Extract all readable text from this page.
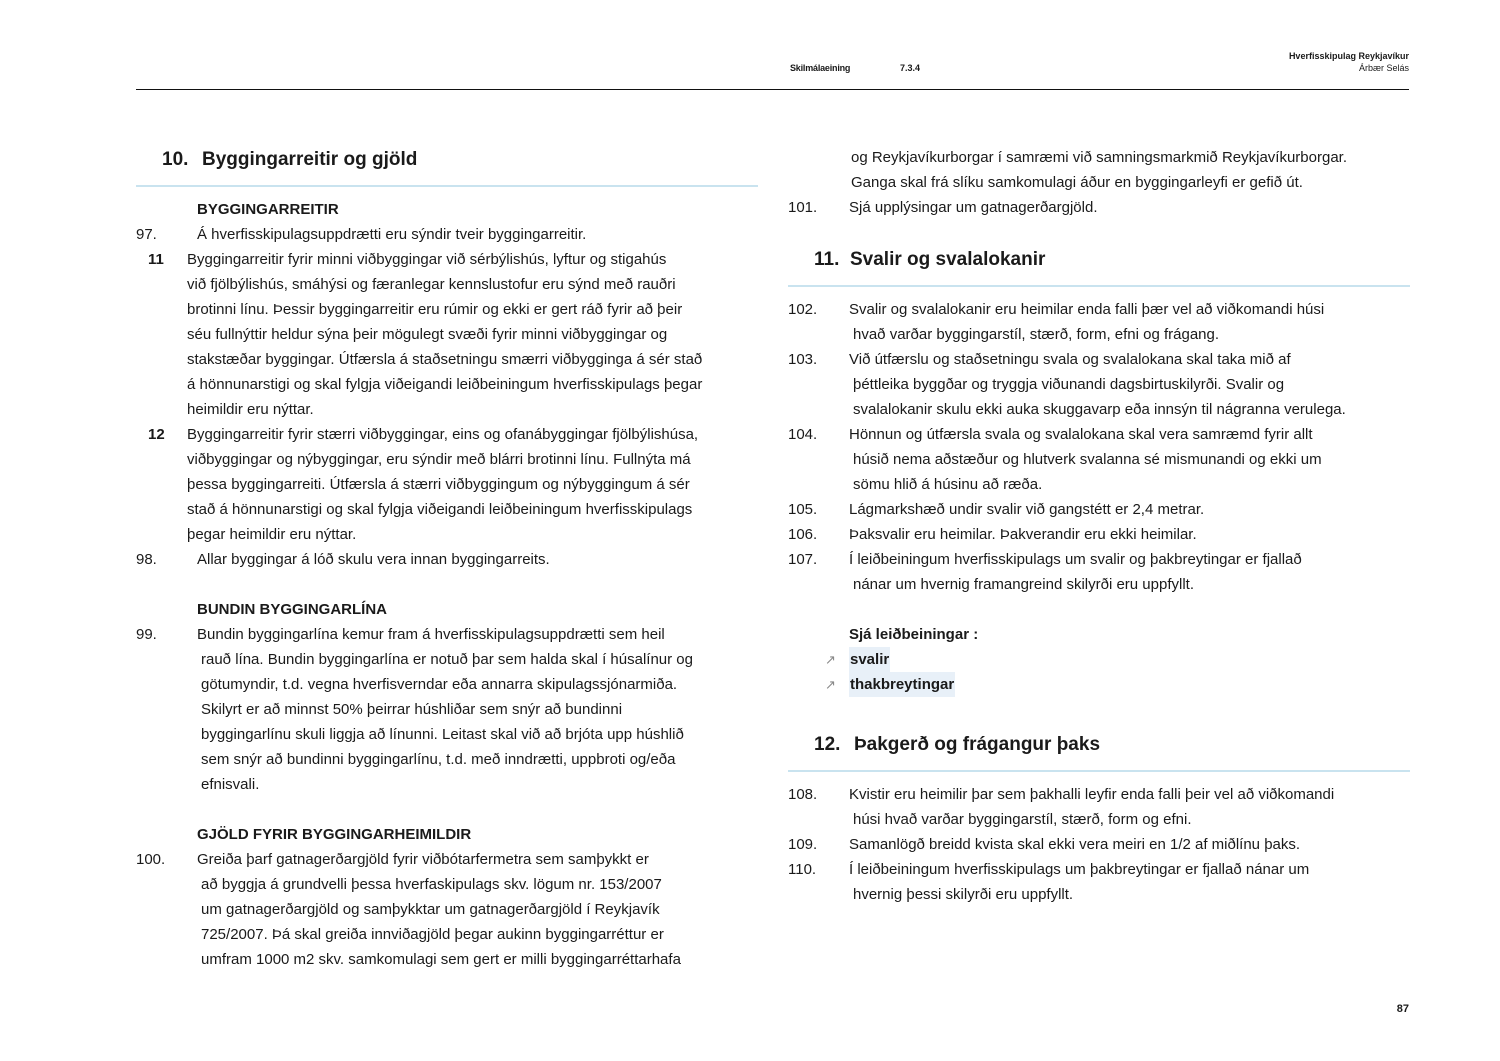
Skilmálaeining	7.3.4
Hverfisskipulag Reykjavíkur
Árbær Selás
10. Byggingarreitir og gjöld
BYGGINGARREITIR
97.	Á hverfisskipulagsuppdrætti eru sýndir tveir byggingarreitir.
11	Byggingarreitir fyrir minni viðbyggingar við sérbýlishús, lyftur og stigahús
við fjölbýlishús, smáhýsi og færanlegar kennslustofur eru sýnd með rauðri
brotinni línu. Þessir byggingarreitir eru rúmir og ekki er gert ráð fyrir að þeir
séu fullnýttir heldur sýna þeir mögulegt svæði fyrir minni viðbyggingar og
stakstæðar byggingar. Útfærsla á staðsetningu smærri viðbygginga á sér stað
á hönnunarstigi og skal fylgja viðeigandi leiðbeiningum hverfisskipulags þegar
heimildir eru nýttar.
12	Byggingarreitir fyrir stærri viðbyggingar, eins og ofanábyggingar fjölbýlishúsa,
viðbyggingar og nýbyggingar, eru sýndir með blárri brotinni línu. Fullnýta má
þessa byggingarreiti. Útfærsla á stærri viðbyggingum og nýbyggingum á sér
stað á hönnunarstigi og skal fylgja viðeigandi leiðbeiningum hverfisskipulags
þegar heimildir eru nýttar.
98.	Allar byggingar á lóð skulu vera innan byggingarreits.
BUNDIN BYGGINGARLÍNA
99.	Bundin byggingarlína kemur fram á hverfisskipulagsuppdrætti sem heil
rauð lína. Bundin byggingarlína er notuð þar sem halda skal í húsalínur og
götumyndir, t.d. vegna hverfisverndar eða annarra skipulagssjónarmiða.
Skilyrt er að minnst 50% þeirrar húshliðar sem snýr að bundinni
byggingarlínu skuli liggja að línunni. Leitast skal við að brjóta upp húshlið
sem snýr að bundinni byggingarlínu, t.d. með inndrætti, uppbroti og/eða
efnisvali.
GJÖLD FYRIR BYGGINGARHEIMILDIR
100.	Greiða þarf gatnagerðargjöld fyrir viðbótarfermetra sem samþykkt er
að byggja á grundvelli þessa hverfaskipulags skv. lögum nr. 153/2007
um gatnagerðargjöld og samþykktar um gatnagerðargjöld í Reykjavík
725/2007. Þá skal greiða innviðagjöld þegar aukinn byggingarréttur er
umfram 1000 m2 skv. samkomulagi sem gert er milli byggingarréttarhafa
og Reykjavíkurborgar í samræmi við samningsmarkmið Reykjavíkurborgar.
Ganga skal frá slíku samkomulagi áður en byggingarleyfi er gefið út.
101.	Sjá upplýsingar um gatnagerðargjöld.
11. Svalir og svalalokanir
102.	Svalir og svalalokanir eru heimilar enda falli þær vel að viðkomandi húsi
hvað varðar byggingarstíl, stærð, form, efni og frágang.
103.	Við útfærslu og staðsetningu svala og svalalokana skal taka mið af
þéttleika byggðar og tryggja viðunandi dagsbirtuskilyrði. Svalir og
svalalokanir skulu ekki auka skuggavarp eða innsýn til nágranna verulega.
104.	Hönnun og útfærsla svala og svalalokana skal vera samræmd fyrir allt
húsið nema aðstæður og hlutverk svalanna sé mismunandi og ekki um
sömu hlið á húsinu að ræða.
105.	Lágmarkshæð undir svalir við gangstétt er 2,4 metrar.
106.	Þaksvalir eru heimilar. Þakverandir eru ekki heimilar.
107.	Í leiðbeiningum hverfisskipulags um svalir og þakbreytingar er fjallað
nánar um hvernig framangreind skilyrði eru uppfyllt.
Sjá leiðbeiningar :
↗ svalir
↗ thakbreytingar
12. Þakgerð og frágangur þaks
108.	Kvistir eru heimilir þar sem þakhalli leyfir enda falli þeir vel að viðkomandi
húsi hvað varðar byggingarstíl, stærð, form og efni.
109.	Samanlögð breidd kvista skal ekki vera meiri en 1/2 af miðlínu þaks.
110.	Í leiðbeiningum hverfisskipulags um þakbreytingar er fjallað nánar um
hvernig þessi skilyrði eru uppfyllt.
87
